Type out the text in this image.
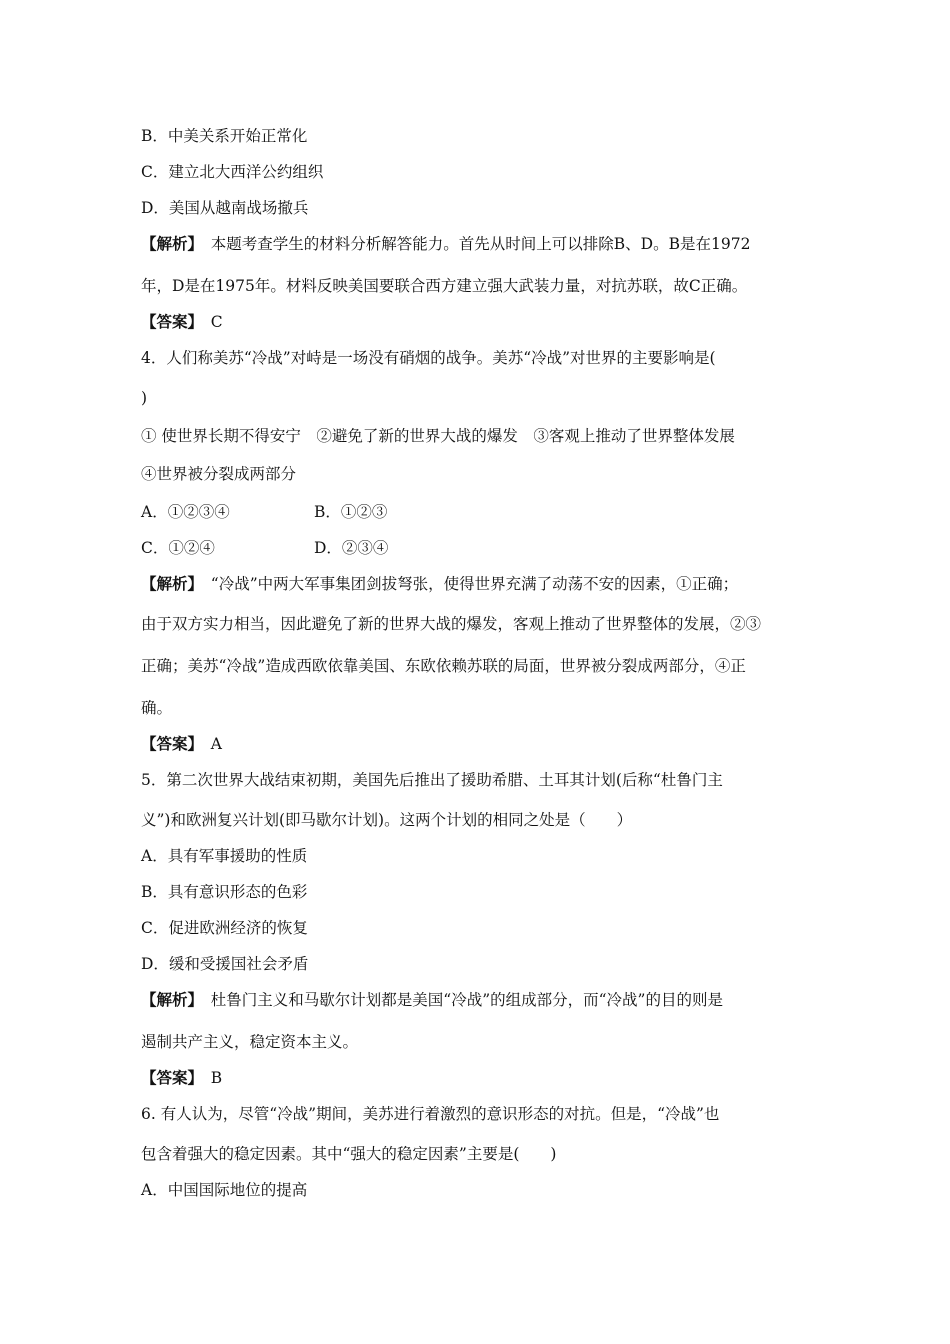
B．中美关系开始正常化
C．建立北大西洋公约组织
D．美国从越南战场撤兵
【解析】　 本题考查学生的材料分析解答能力。首先从时间上可以排除B、D。B是在1972
年，D是在1975年。材料反映美国要联合西方建立强大武装力量，对抗苏联，故C正确。
【答案】　 C
4．人们称美苏“冷战”对峙是一场没有硝烟的战争。美苏“冷战”对世界的主要影响是(
)
① 使世界长期不得安宁　②避免了新的世界大战的爆发　③客观上推动了世界整体发展
④世界被分裂成两部分
A．①②③④	B．①②③
C．①②④	D．②③④
【解析】　 “冷战”中两大军事集团剑拔弩张，使得世界充满了动荡不安的因素，①正确；
由于双方实力相当，因此避免了新的世界大战的爆发，客观上推动了世界整体的发展，②③
正确；美苏“冷战”造成西欧依靠美国、东欧依赖苏联的局面，世界被分裂成两部分，④正
确。
【答案】　 A
5．第二次世界大战结束初期，美国先后推出了援助希腊、土耳其计划(后称“杜鲁门主
义”)和欧洲复兴计划(即马歇尔计划)。这两个计划的相同之处是（　　）
A．具有军事援助的性质
B．具有意识形态的色彩
C．促进欧洲经济的恢复
D．缓和受援国社会矛盾
【解析】　 杜鲁门主义和马歇尔计划都是美国“冷战”的组成部分，而“冷战”的目的则是
遏制共产主义，稳定资本主义。
【答案】　 B
6. 有人认为，尽管“冷战”期间，美苏进行着激烈的意识形态的对抗。但是，“冷战”也
包含着强大的稳定因素。其中“强大的稳定因素”主要是(　　)
A．中国国际地位的提高
